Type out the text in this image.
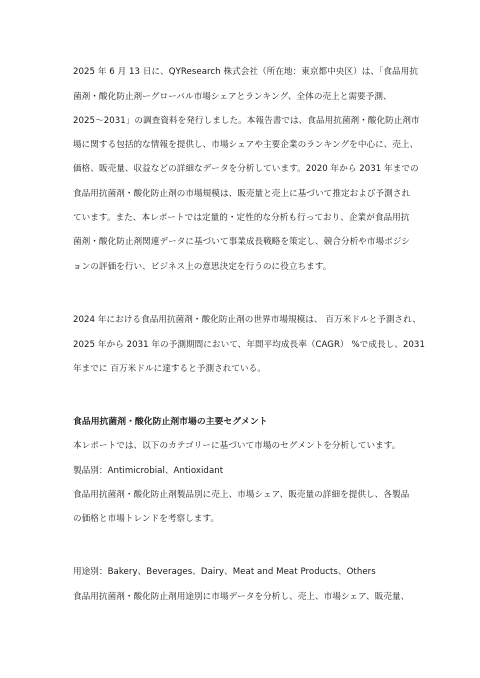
2025 年 6 月 13 日に、QYResearch 株式会社（所在地：東京都中央区）は、「食品用抗
菌剤・酸化防止剤ーグローバル市場シェアとランキング、全体の売上と需要予測、
2025～2031」の調査資料を発行しました。本報告書では、食品用抗菌剤・酸化防止剤市
場に関する包括的な情報を提供し、市場シェアや主要企業のランキングを中心に、売上、
価格、販売量、収益などの詳細なデータを分析しています。2020 年から 2031 年までの
食品用抗菌剤・酸化防止剤の市場規模は、販売量と売上に基づいて推定および予測され
ています。また、本レポートでは定量的・定性的な分析も行っており、企業が食品用抗
菌剤・酸化防止剤関連データに基づいて事業成長戦略を策定し、競合分析や市場ポジシ
ョンの評価を行い、ビジネス上の意思決定を行うのに役立ちます。
2024 年における食品用抗菌剤・酸化防止剤の世界市場規模は、 百万米ドルと予測され、
2025 年から 2031 年の予測期間において、年間平均成長率（CAGR） %で成長し、2031
年までに 百万米ドルに達すると予測されている。
食品用抗菌剤・酸化防止剤市場の主要セグメント
本レポートでは、以下のカテゴリーに基づいて市場のセグメントを分析しています。
製品別：Antimicrobial、Antioxidant
食品用抗菌剤・酸化防止剤製品別に売上、市場シェア、販売量の詳細を提供し、各製品
の価格と市場トレンドを考察します。
用途別：Bakery、Beverages、Dairy、Meat and Meat Products、Others
食品用抗菌剤・酸化防止剤用途別に市場データを分析し、売上、市場シェア、販売量、
